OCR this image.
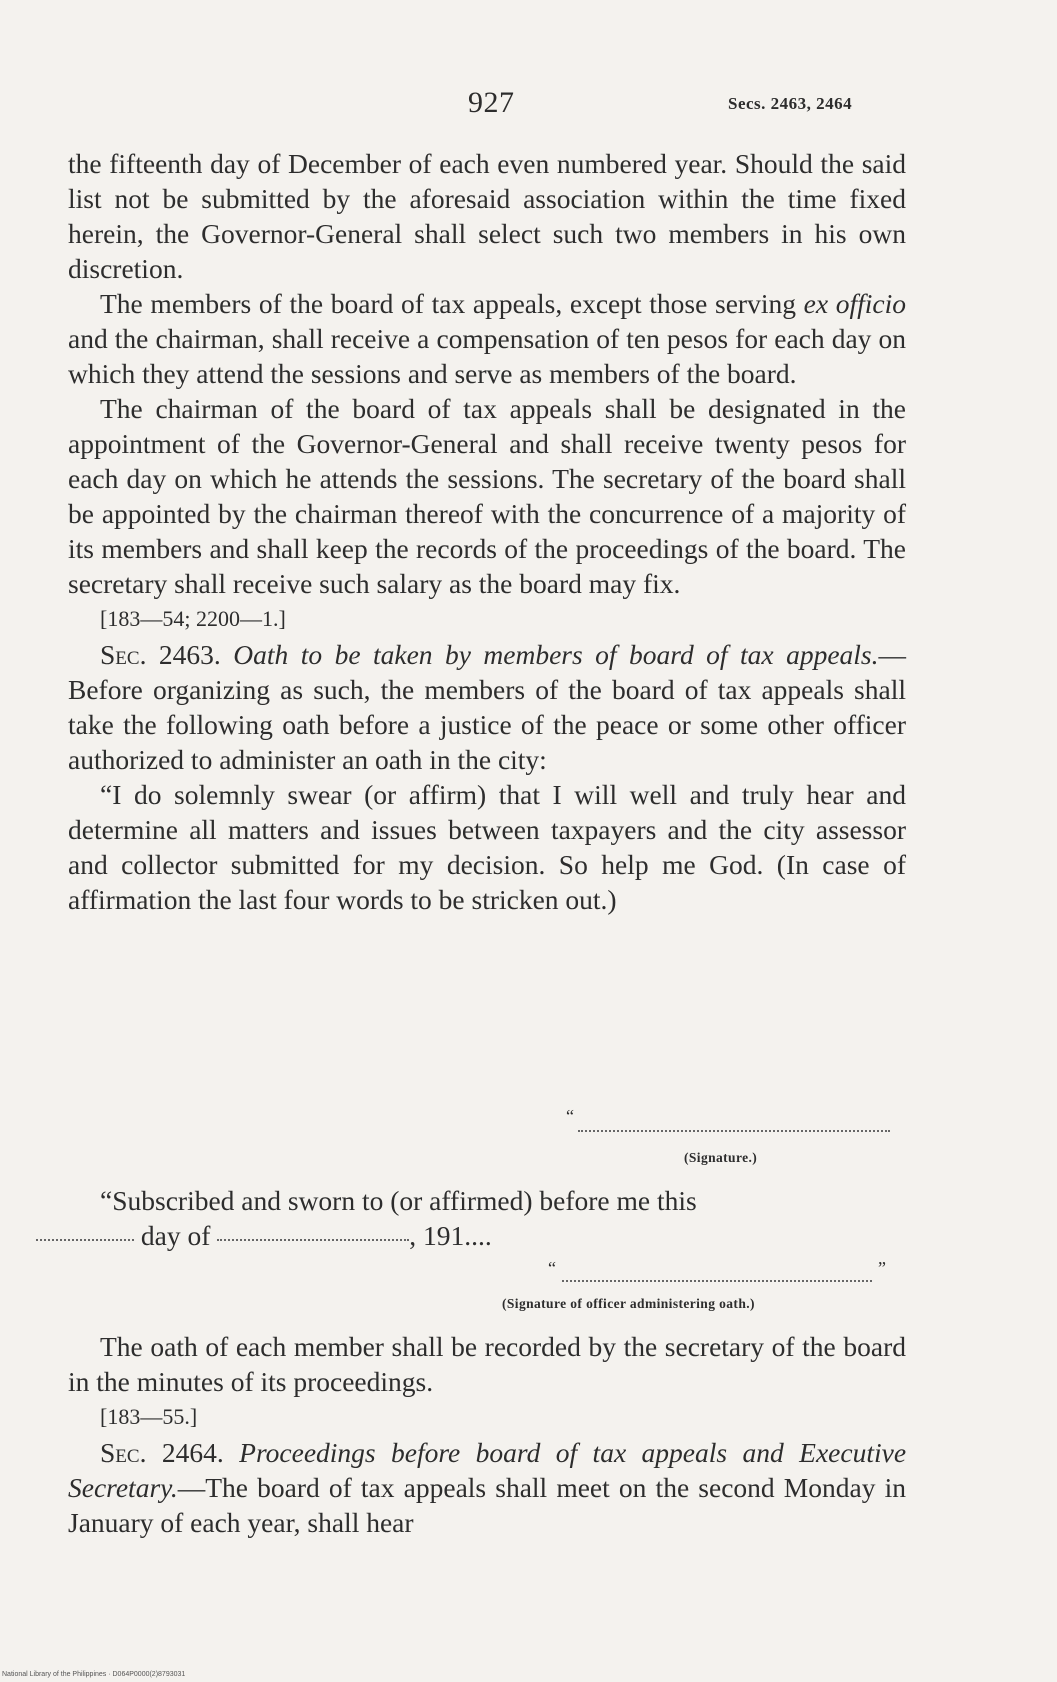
927	Secs. 2463, 2464

the fifteenth day of December of each even numbered year. Should the said list not be submitted by the aforesaid association within the time fixed herein, the Governor-General shall select such two members in his own discretion.

The members of the board of tax appeals, except those serving ex officio and the chairman, shall receive a compensation of ten pesos for each day on which they attend the sessions and serve as members of the board.

The chairman of the board of tax appeals shall be designated in the appointment of the Governor-General and shall receive twenty pesos for each day on which he attends the sessions. The secretary of the board shall be appointed by the chairman thereof with the concurrence of a majority of its members and shall keep the records of the proceedings of the board. The secretary shall receive such salary as the board may fix.

[183—54; 2200—1.]

Sec. 2463. Oath to be taken by members of board of tax appeals.—Before organizing as such, the members of the board of tax appeals shall take the following oath before a justice of the peace or some other officer authorized to administer an oath in the city:

“I do solemnly swear (or affirm) that I will well and truly hear and determine all matters and issues between taxpayers and the city assessor and collector submitted for my decision. So help me God. (In case of affirmation the last four words to be stricken out.)

“
(Signature.)

“Subscribed and sworn to (or affirmed) before me this
day of	, 191....

“	”
(Signature of officer administering oath.)

The oath of each member shall be recorded by the secretary of the board in the minutes of its proceedings.

[183—55.]

Sec. 2464. Proceedings before board of tax appeals and Executive Secretary.—The board of tax appeals shall meet on the second Monday in January of each year, shall hear

National Library of the Philippines · D064P0000(2)8793031
